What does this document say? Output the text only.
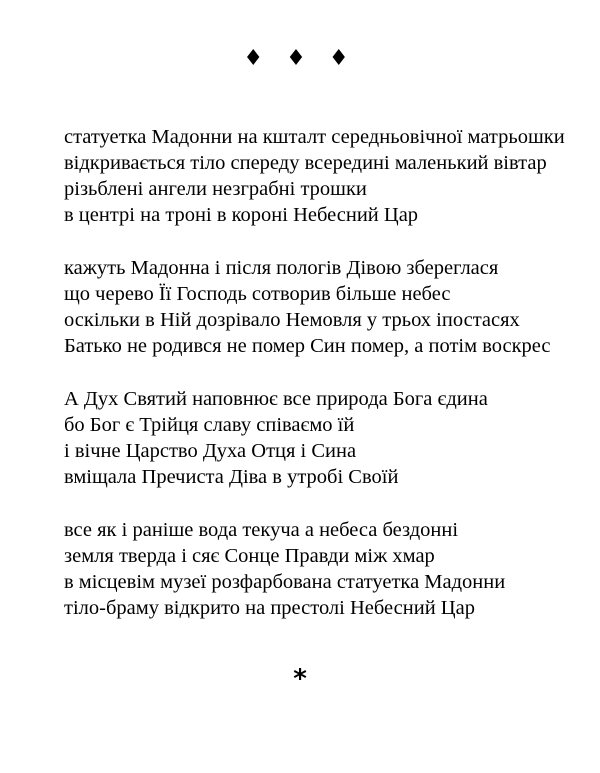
♦ ♦ ♦
статуетка Мадонни на кшталт середньовічної матрьошки
відкривається тіло спереду всередині маленький вівтар
різьблені ангели незграбні трошки
в центрі на троні в короні Небесний Цар
кажуть Мадонна і після пологів Дівою збереглася
що черево Її Господь сотворив більше небес
оскільки в Ній дозрівало Немовля у трьох іпостасях
Батько не родився не помер Син помер, а потім воскрес
А Дух Святий наповнює все природа Бога єдина
бо Бог є Трійця славу співаємо їй
і вічне Царство Духа Отця і Сина
вміщала Пречиста Діва в утробі Своїй
все як і раніше вода текуча а небеса бездонні
земля тверда і сяє Сонце Правди між хмар
в місцевім музеї розфарбована статуетка Мадонни
тіло-браму відкрито на престолі Небесний Цар
*
